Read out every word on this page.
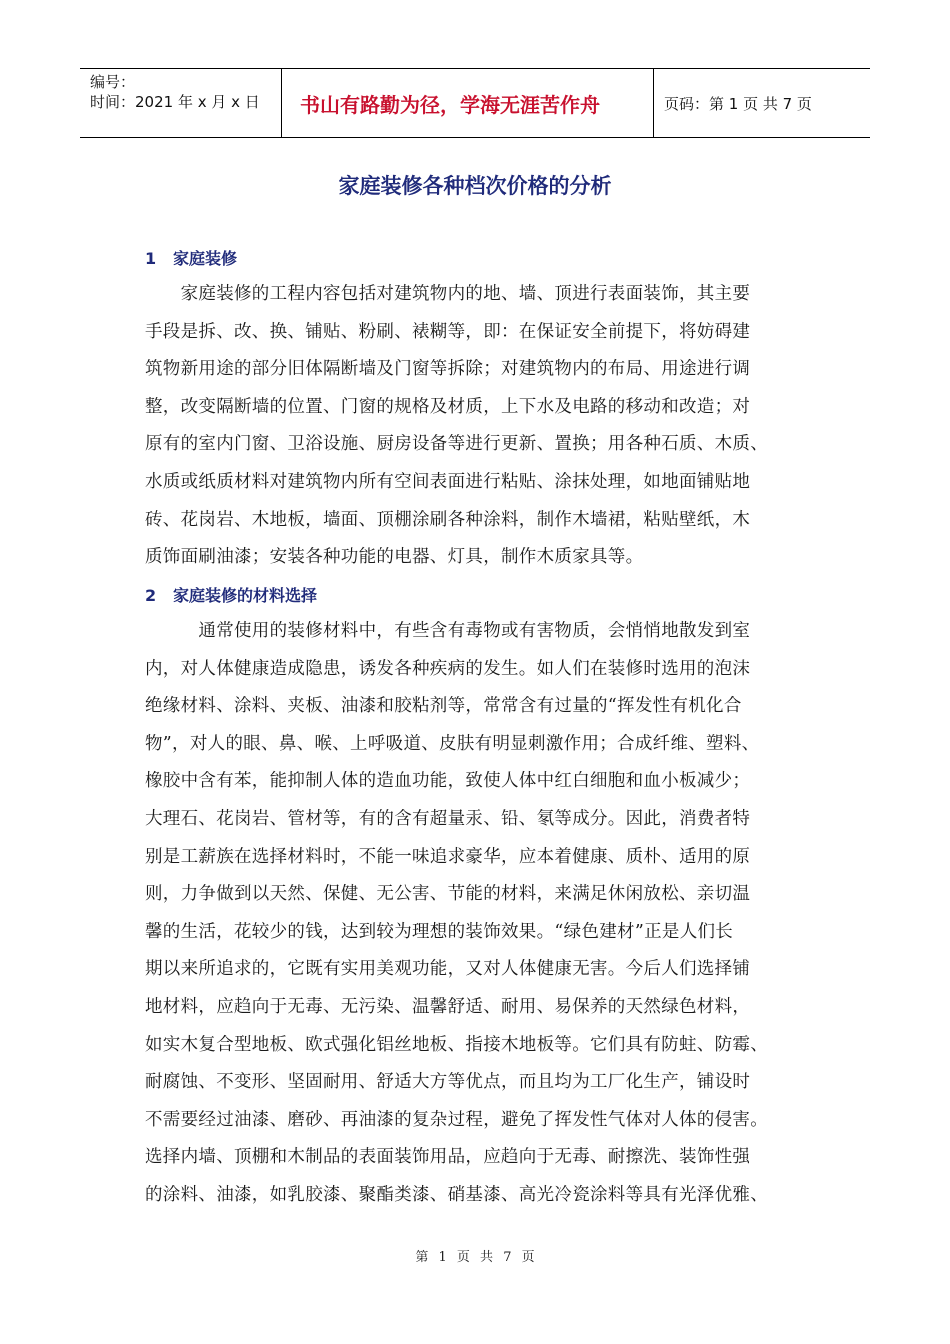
编号：
时间：2021 年 x 月 x 日	书山有路勤为径，学海无涯苦作舟	页码：第 1 页 共 7 页
家庭装修各种档次价格的分析
1 家庭装修
　　家庭装修的工程内容包括对建筑物内的地、墙、顶进行表面装饰，其主要
手段是拆、改、换、铺贴、粉刷、裱糊等，即：在保证安全前提下，将妨碍建
筑物新用途的部分旧体隔断墙及门窗等拆除；对建筑物内的布局、用途进行调
整，改变隔断墙的位置、门窗的规格及材质，上下水及电路的移动和改造；对
原有的室内门窗、卫浴设施、厨房设备等进行更新、置换；用各种石质、木质、
水质或纸质材料对建筑物内所有空间表面进行粘贴、涂抹处理，如地面铺贴地
砖、花岗岩、木地板，墙面、顶棚涂刷各种涂料，制作木墙裙，粘贴壁纸，木
质饰面刷油漆；安装各种功能的电器、灯具，制作木质家具等。
2 家庭装修的材料选择
　　　通常使用的装修材料中，有些含有毒物或有害物质，会悄悄地散发到室
内，对人体健康造成隐患，诱发各种疾病的发生。如人们在装修时选用的泡沫
绝缘材料、涂料、夹板、油漆和胶粘剂等，常常含有过量的“挥发性有机化合
物”，对人的眼、鼻、喉、上呼吸道、皮肤有明显刺激作用；合成纤维、塑料、
橡胶中含有苯，能抑制人体的造血功能，致使人体中红白细胞和血小板减少；
大理石、花岗岩、管材等，有的含有超量汞、铅、氡等成分。因此，消费者特
别是工薪族在选择材料时，不能一味追求豪华，应本着健康、质朴、适用的原
则，力争做到以天然、保健、无公害、节能的材料，来满足休闲放松、亲切温
馨的生活，花较少的钱，达到较为理想的装饰效果。“绿色建材”正是人们长
期以来所追求的，它既有实用美观功能，又对人体健康无害。今后人们选择铺
地材料，应趋向于无毒、无污染、温馨舒适、耐用、易保养的天然绿色材料，
如实木复合型地板、欧式强化铝丝地板、指接木地板等。它们具有防蛀、防霉、
耐腐蚀、不变形、坚固耐用、舒适大方等优点，而且均为工厂化生产，铺设时
不需要经过油漆、磨砂、再油漆的复杂过程，避免了挥发性气体对人体的侵害。
选择内墙、顶棚和木制品的表面装饰用品，应趋向于无毒、耐擦洗、装饰性强
的涂料、油漆，如乳胶漆、聚酯类漆、硝基漆、高光冷瓷涂料等具有光泽优雅、
第 1 页 共 7 页
